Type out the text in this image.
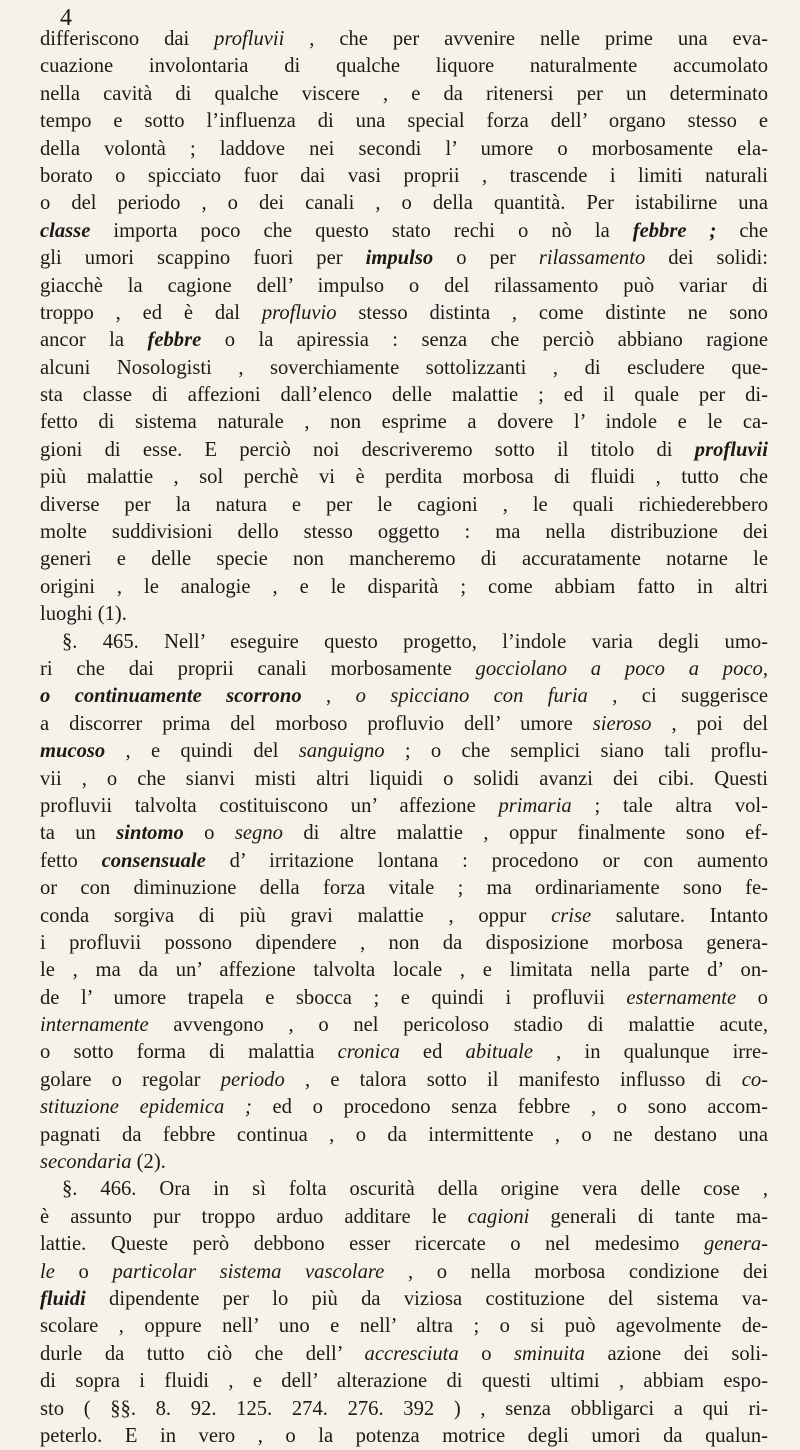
4
differiscono dai profluvii , che per avvenire nelle prime una eva-
cuazione involontaria di qualche liquore naturalmente accumolato
nella cavità di qualche viscere , e da ritenersi per un determinato
tempo e sotto l’influenza di una special forza dell’ organo stesso e
della volontà ; laddove nei secondi l’ umore o morbosamente ela-
borato o spicciato fuor dai vasi proprii , trascende i limiti naturali
o del periodo , o dei canali , o della quantità. Per istabilirne una
classe importa poco che questo stato rechi o nò la febbre ; che
gli umori scappino fuori per impulso o per rilassamento dei solidi:
giacchè la cagione dell’ impulso o del rilassamento può variar di
troppo , ed è dal profluvio stesso distinta , come distinte ne sono
ancor la febbre o la apiressia : senza che perciò abbiano ragione
alcuni Nosologisti , soverchiamente sottolizzanti , di escludere que-
sta classe di affezioni dall’elenco delle malattie ; ed il quale per di-
fetto di sistema naturale , non esprime a dovere l’ indole e le ca-
gioni di esse. E perciò noi descriveremo sotto il titolo di profluvii
più malattie , sol perchè vi è perdita morbosa di fluidi , tutto che
diverse per la natura e per le cagioni , le quali richiederebbero
molte suddivisioni dello stesso oggetto : ma nella distribuzione dei
generi e delle specie non mancheremo di accuratamente notarne le
origini , le analogie , e le disparità ; come abbiam fatto in altri
luoghi (1).
§. 465. Nell’ eseguire questo progetto, l’indole varia degli umo-
ri che dai proprii canali morbosamente gocciolano a poco a poco,
o continuamente scorrono , o spicciano con furia , ci suggerisce
a discorrer prima del morboso profluvio dell’ umore sieroso , poi del
mucoso , e quindi del sanguigno ; o che semplici siano tali proflu-
vii , o che sianvi misti altri liquidi o solidi avanzi dei cibi. Questi
profluvii talvolta costituiscono un’ affezione primaria ; tale altra vol-
ta un sintomo o segno di altre malattie , oppur finalmente sono ef-
fetto consensuale d’ irritazione lontana : procedono or con aumento
or con diminuzione della forza vitale ; ma ordinariamente sono fe-
conda sorgiva di più gravi malattie , oppur crise salutare. Intanto
i profluvii possono dipendere , non da disposizione morbosa genera-
le , ma da un’ affezione talvolta locale , e limitata nella parte d’ on-
de l’ umore trapela e sbocca ; e quindi i profluvii esternamente o
internamente avvengono , o nel pericoloso stadio di malattie acute,
o sotto forma di malattia cronica ed abituale , in qualunque irre-
golare o regolar periodo , e talora sotto il manifesto influsso di co-
stituzione epidemica ; ed o procedono senza febbre , o sono accom-
pagnati da febbre continua , o da intermittente , o ne destano una
secondaria (2).
§. 466. Ora in sì folta oscurità della origine vera delle cose ,
è assunto pur troppo arduo additare le cagioni generali di tante ma-
lattie. Queste però debbono esser ricercate o nel medesimo genera-
le o particolar sistema vascolare , o nella morbosa condizione dei
fluidi dipendente per lo più da viziosa costituzione del sistema va-
scolare , oppure nell’ uno e nell’ altra ; o si può agevolmente de-
durle da tutto ciò che dell’ accresciuta o sminuita azione dei soli-
di sopra i fluidi , e dell’ alterazione di questi ultimi , abbiam espo-
sto ( §§. 8. 92. 125. 274. 276. 392 ) , senza obbligarci a qui ri-
peterlo. E in vero , o la potenza motrice degli umori da qualun-
